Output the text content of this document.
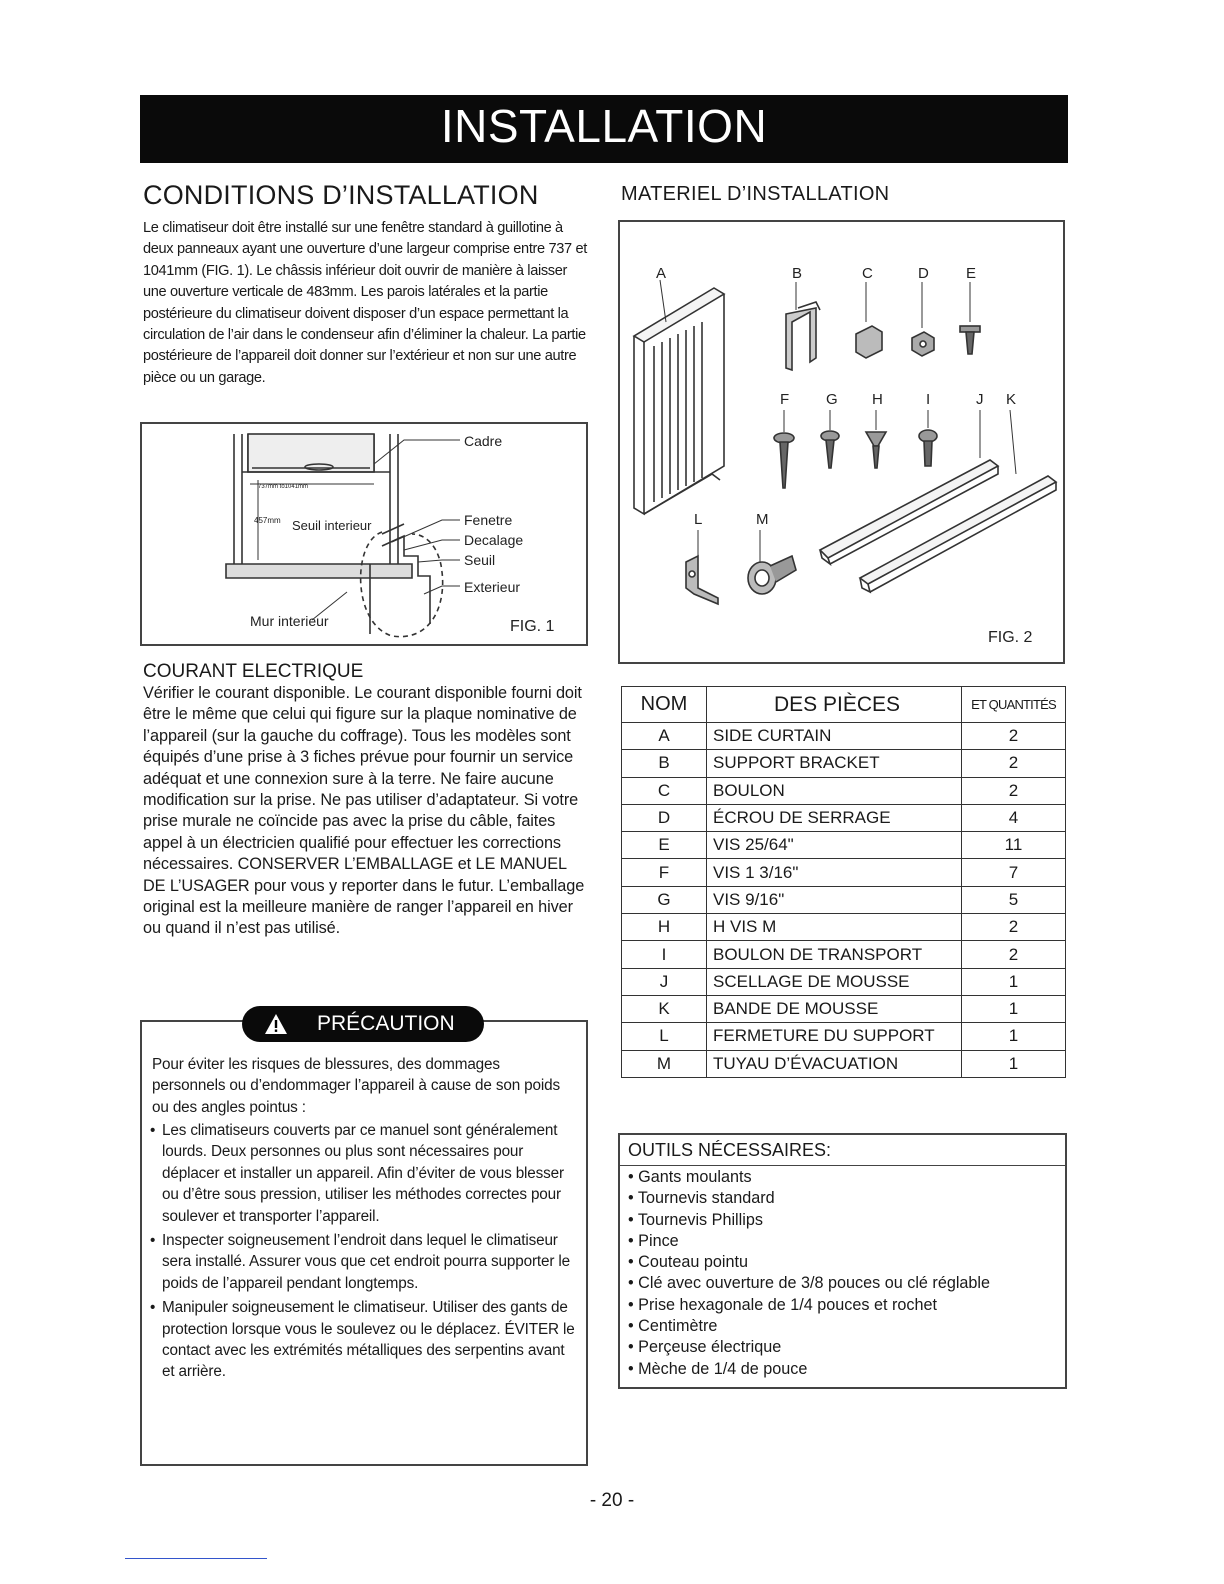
INSTALLATION
CONDITIONS D’INSTALLATION
Le climatiseur doit être installé sur une fenêtre standard à guillotine à deux panneaux ayant une ouverture d’une largeur comprise entre 737 et 1041mm (FIG. 1). Le châssis inférieur doit ouvrir de manière à laisser une ouverture verticale de 483mm. Les parois latérales et la partie postérieure du climatiseur doivent disposer d’un espace permettant la circulation de l’air dans le condenseur afin d’éliminer la chaleur. La partie postérieure de l’appareil doit donner sur l’extérieur et non sur une autre pièce ou un garage.
Cadre
737mm to1041mm
457mm Seuil interieur	Fenetre
Decalage
Seuil
Exterieur
Mur interieur	FIG. 1
MATERIEL D’INSTALLATION
A	B	C	D E
F G H	I	J K
L	M
FIG. 2
COURANT ELECTRIQUE
Vérifier le courant disponible. Le courant disponible fourni doit être le même que celui qui figure sur la plaque nominative de l’appareil (sur la gauche du coffrage). Tous les modèles sont équipés d’une prise à 3 fiches prévue pour fournir un service adéquat et une connexion sure à la terre. Ne faire aucune modification sur la prise. Ne pas utiliser d’adaptateur. Si votre prise murale ne coïncide pas avec la prise du câble, faites appel à un électricien qualifié pour effectuer les corrections nécessaires. CONSERVER L’EMBALLAGE et LE MANUEL DE L’USAGER pour vous y reporter dans le futur. L’emballage original est la meilleure manière de ranger l’appareil en hiver ou quand il n’est pas utilisé.
PRÉCAUTION
Pour éviter les risques de blessures, des dommages personnels ou d’endommager l’appareil à cause de son poids ou des angles pointus :
• Les climatiseurs couverts par ce manuel sont généralement lourds. Deux personnes ou plus sont nécessaires pour déplacer et installer un appareil. Afin d’éviter de vous blesser ou d’être sous pression, utiliser les méthodes correctes pour soulever et transporter l’appareil.
• Inspecter soigneusement l’endroit dans lequel le climatiseur sera installé. Assurer vous que cet endroit pourra supporter le poids de l’appareil pendant longtemps.
• Manipuler soigneusement le climatiseur. Utiliser des gants de protection lorsque vous le soulevez ou le déplacez. ÉVITER le contact avec les extrémités métalliques des serpentins avant et arrière.
NOM	DES PIÈCES	ET QUANTITÉS
A	SIDE CURTAIN	2
B	SUPPORT BRACKET	2
C	BOULON	2
D	ÉCROU DE SERRAGE	4
E	VIS 25/64"	11
F	VIS 1 3/16"	7
G	VIS 9/16"	5
H	H VIS M	2
I	BOULON DE TRANSPORT	2
J	SCELLAGE DE MOUSSE	1
K	BANDE DE MOUSSE	1
L	FERMETURE DU SUPPORT	1
M	TUYAU D’ÉVACUATION	1
OUTILS NÉCESSAIRES:
• Gants moulants
• Tournevis standard
• Tournevis Phillips
• Pince
• Couteau pointu
• Clé avec ouverture de 3/8 pouces ou clé réglable
• Prise hexagonale de 1/4 pouces et rochet
• Centimètre
• Perçeuse électrique
• Mèche de 1/4 de pouce
- 20 -
